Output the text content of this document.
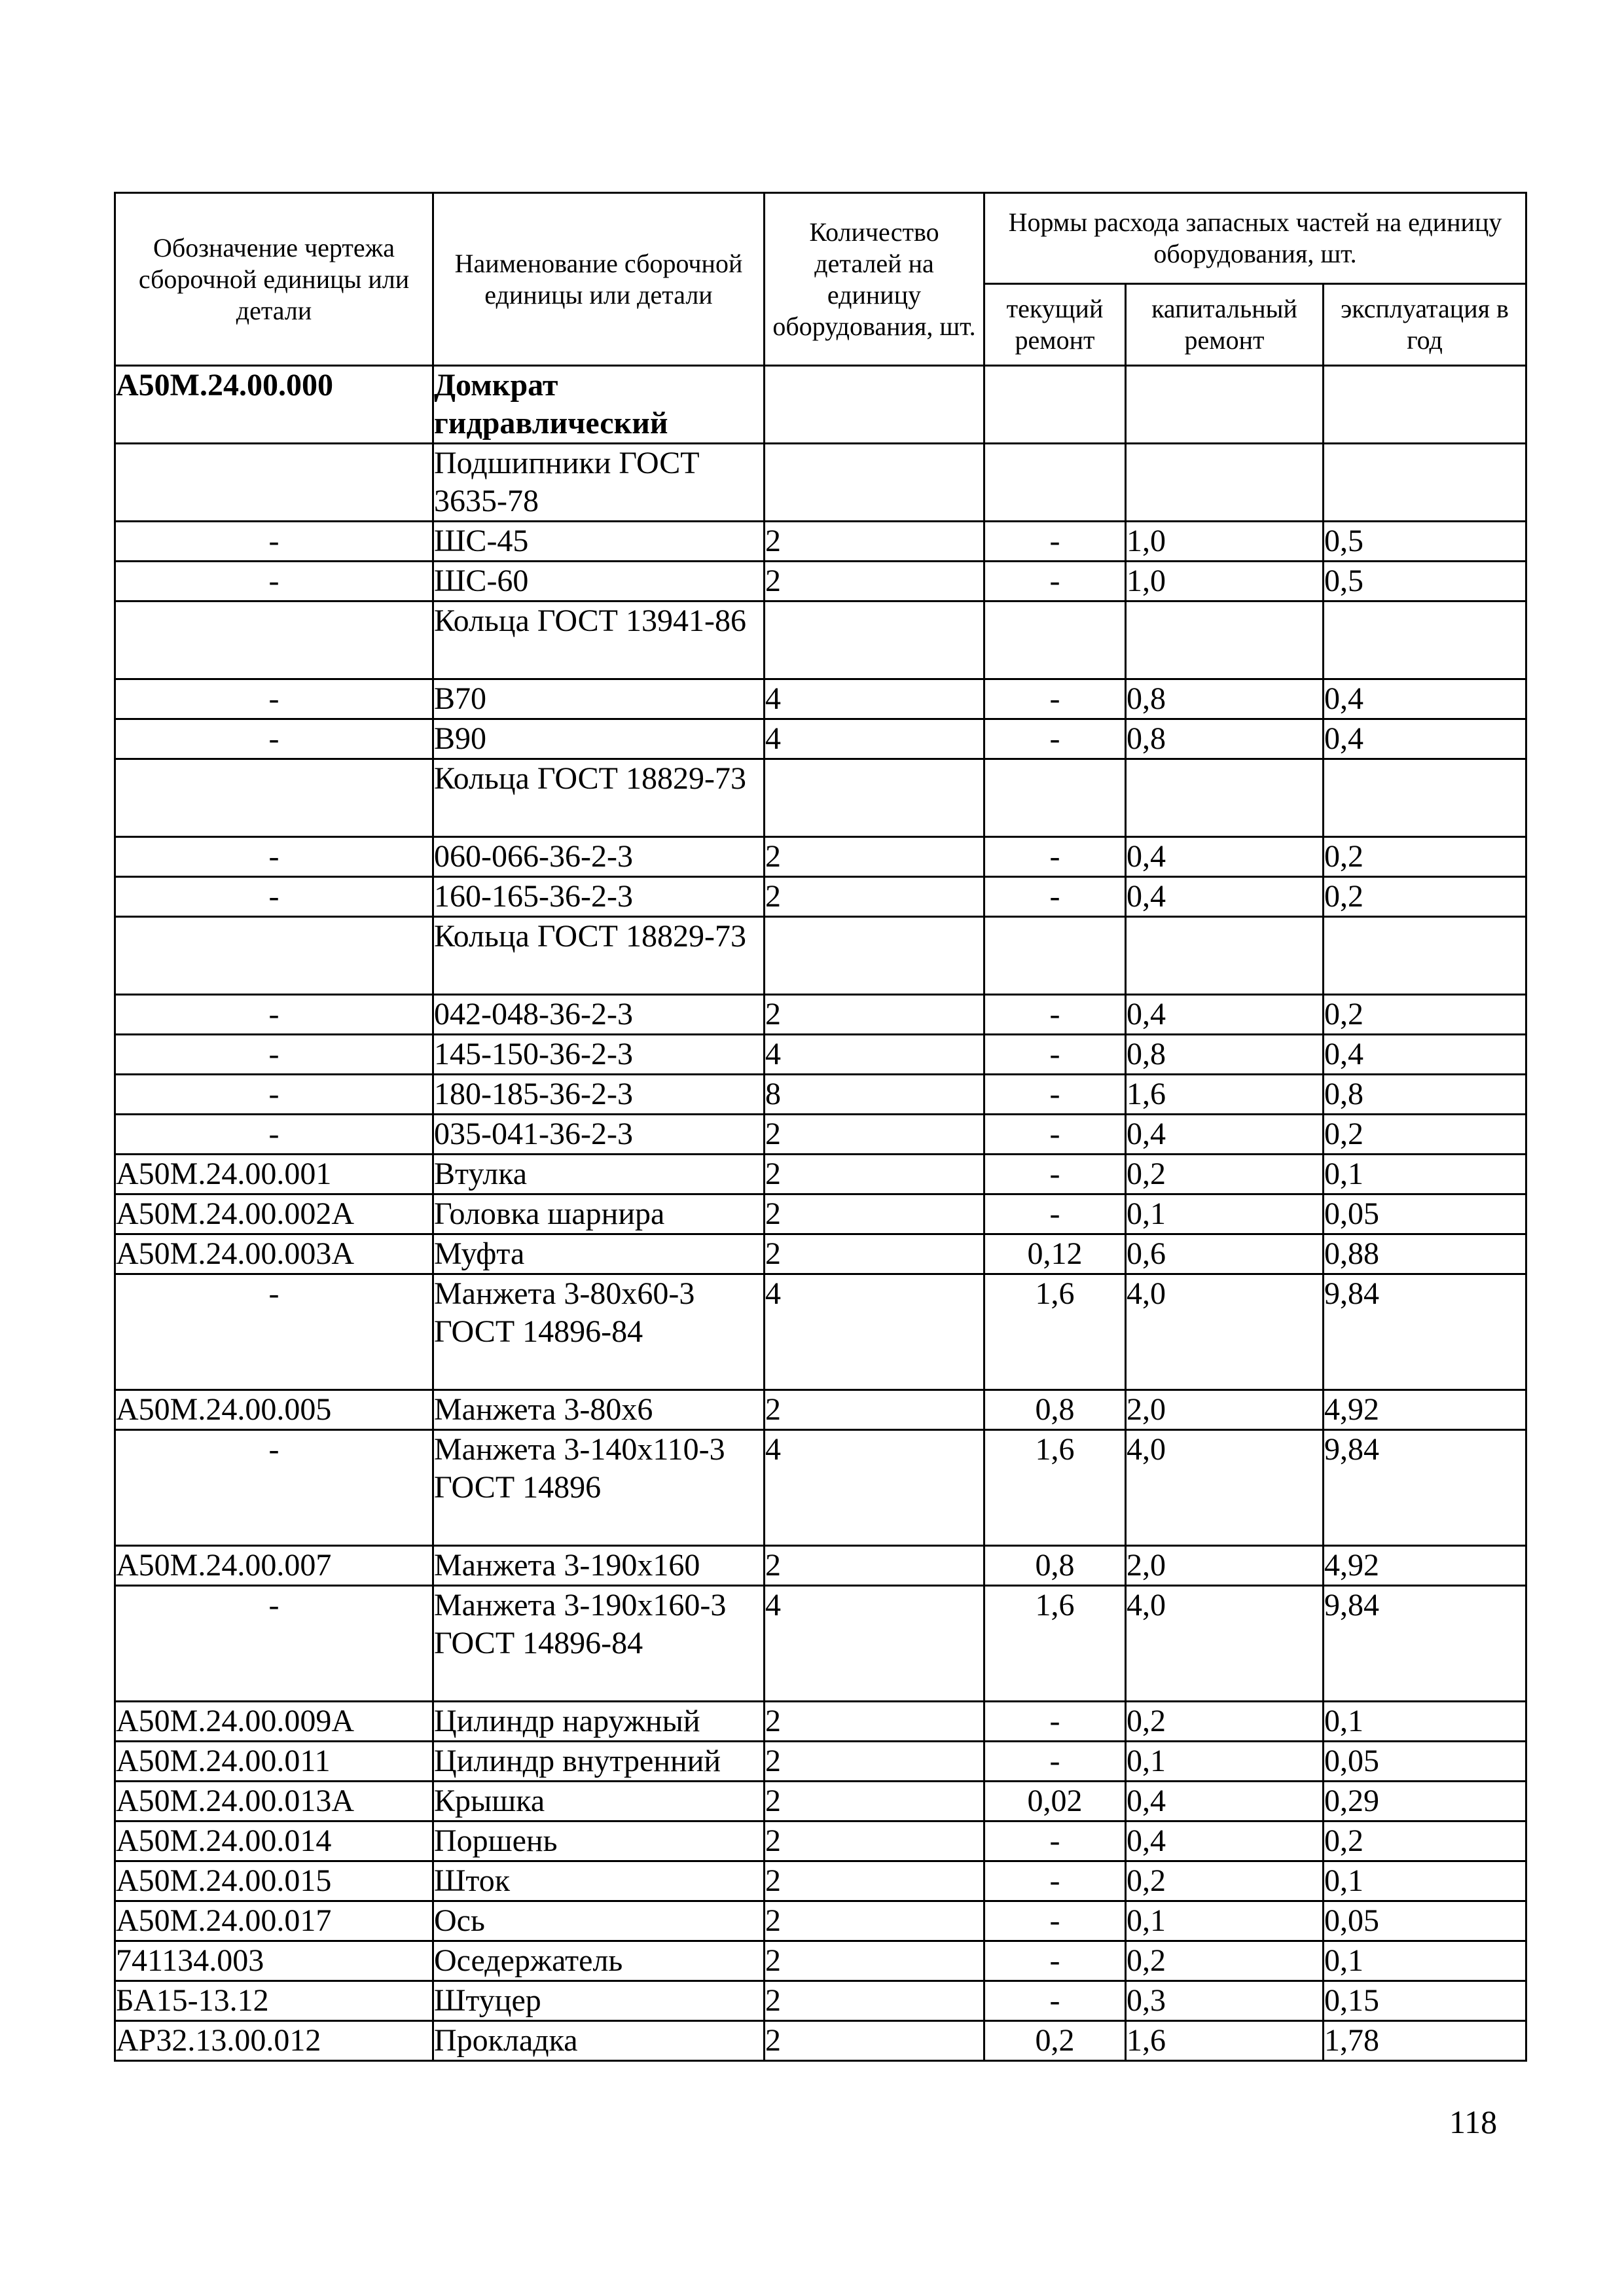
Обозначение чертежа сборочной единицы или детали	Наименование сборочной единицы или детали	Количество деталей на единицу оборудования, шт.	Нормы расхода запасных частей на единицу оборудования, шт.		
			текущий ремонт	капитальный ремонт	эксплуатация в год
А50М.24.00.000	Домкрат гидравлический				
	Подшипники ГОСТ 3635-78				
-	ШС-45	2	-	1,0	0,5
-	ШС-60	2	-	1,0	0,5
	Кольца ГОСТ 13941-86				
-	В70	4	-	0,8	0,4
-	В90	4	-	0,8	0,4
	Кольца ГОСТ 18829-73				
-	060-066-36-2-3	2	-	0,4	0,2
-	160-165-36-2-3	2	-	0,4	0,2
	Кольца ГОСТ 18829-73				
-	042-048-36-2-3	2	-	0,4	0,2
-	145-150-36-2-3	4	-	0,8	0,4
-	180-185-36-2-3	8	-	1,6	0,8
-	035-041-36-2-3	2	-	0,4	0,2
А50М.24.00.001	Втулка	2	-	0,2	0,1
А50М.24.00.002А	Головка шарнира	2	-	0,1	0,05
А50М.24.00.003А	Муфта	2	0,12	0,6	0,88
-	Манжета 3-80х60-3 ГОСТ 14896-84	4	1,6	4,0	9,84
А50М.24.00.005	Манжета 3-80х6	2	0,8	2,0	4,92
-	Манжета 3-140х110-3 ГОСТ 14896	4	1,6	4,0	9,84
А50М.24.00.007	Манжета 3-190х160	2	0,8	2,0	4,92
-	Манжета 3-190х160-3 ГОСТ 14896-84	4	1,6	4,0	9,84
А50М.24.00.009А	Цилиндр наружный	2	-	0,2	0,1
А50М.24.00.011	Цилиндр внутренний	2	-	0,1	0,05
А50М.24.00.013А	Крышка	2	0,02	0,4	0,29
А50М.24.00.014	Поршень	2	-	0,4	0,2
А50М.24.00.015	Шток	2	-	0,2	0,1
А50М.24.00.017	Ось	2	-	0,1	0,05
741134.003	Оседержатель	2	-	0,2	0,1
БА15-13.12	Штуцер	2	-	0,3	0,15
АР32.13.00.012	Прокладка	2	0,2	1,6	1,78
118
